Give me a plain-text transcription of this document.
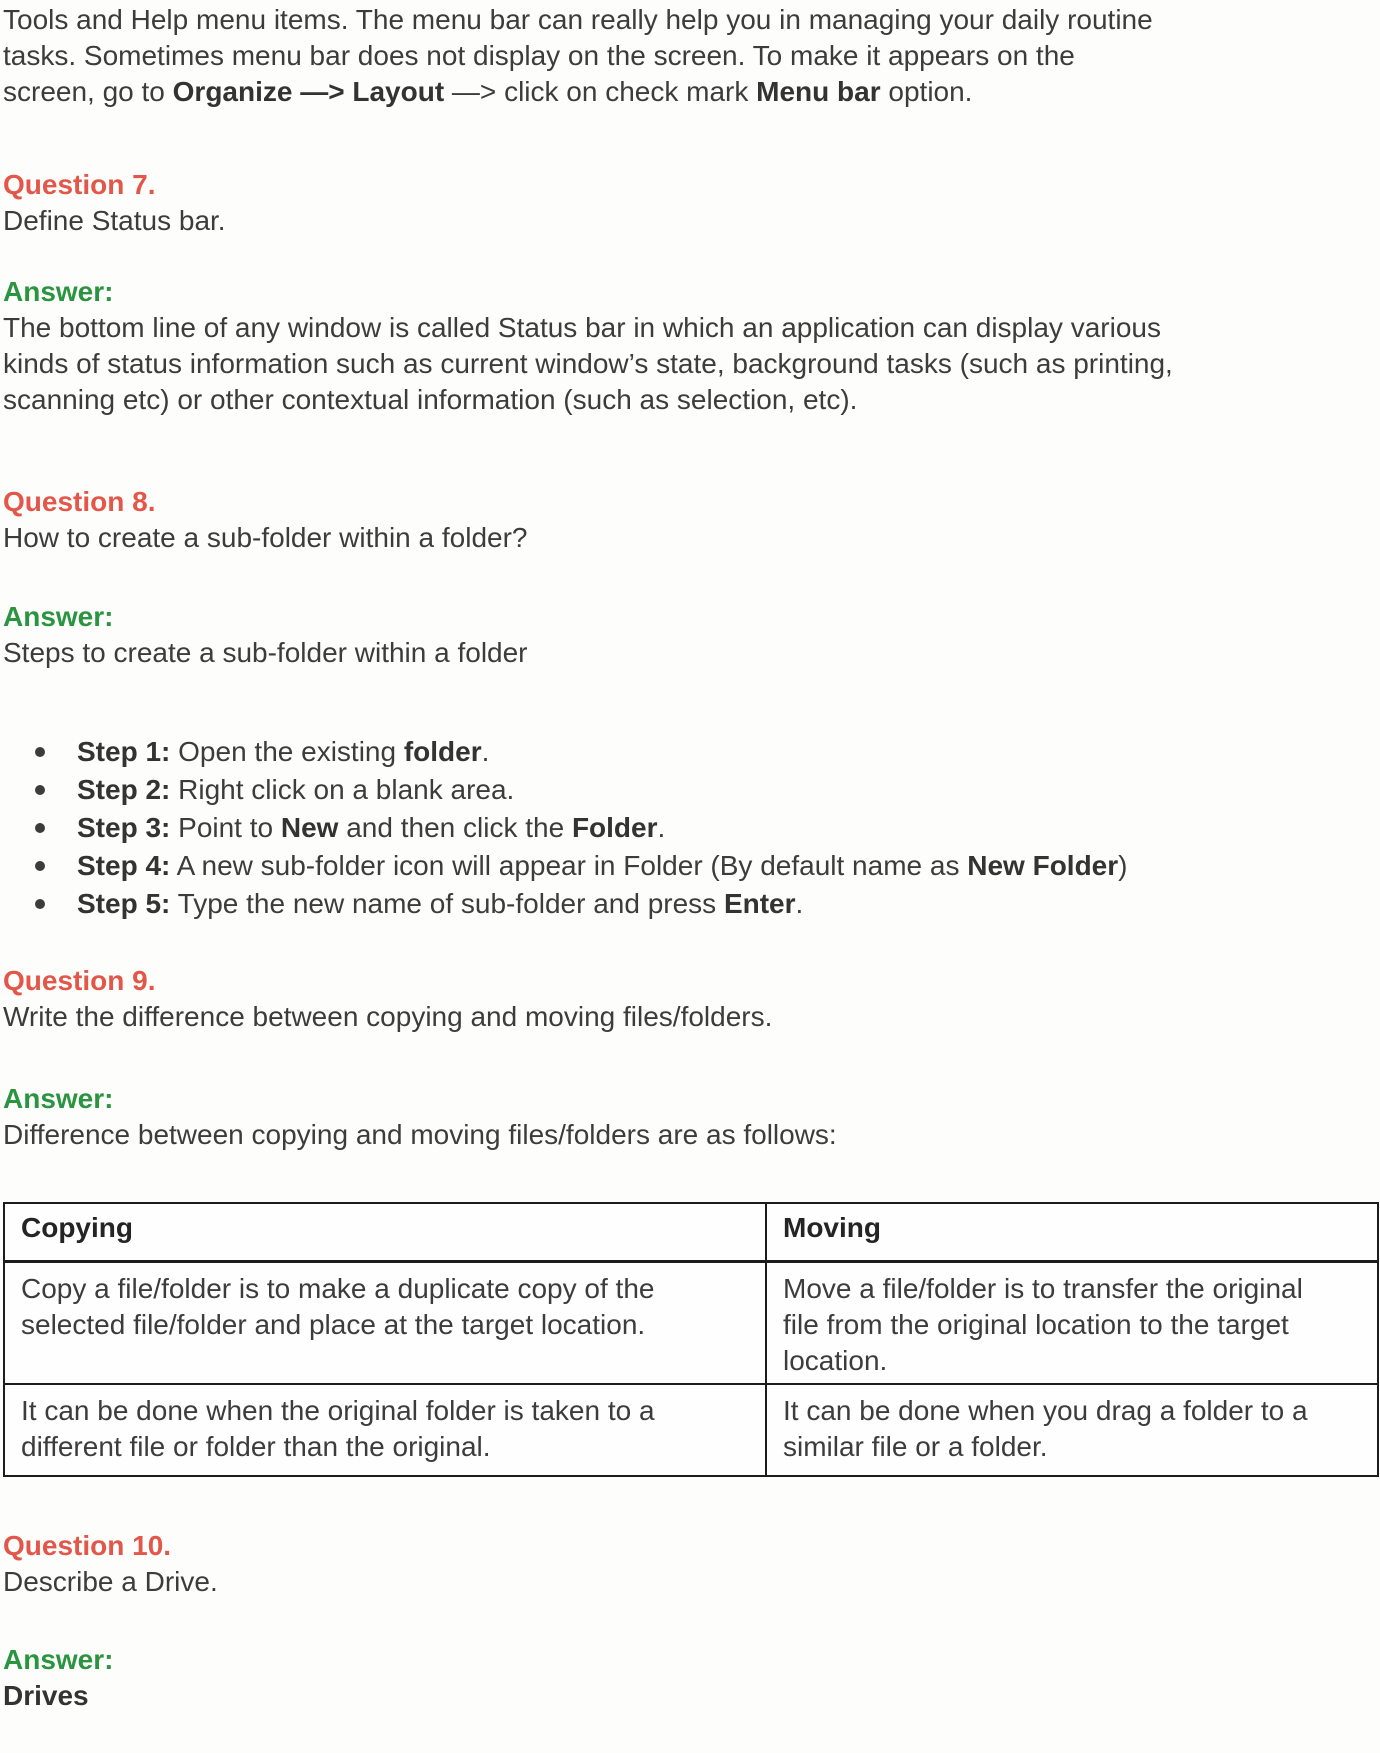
Tools and Help menu items. The menu bar can really help you in managing your daily routine tasks. Sometimes menu bar does not display on the screen. To make it appears on the screen, go to Organize —> Layout —> click on check mark Menu bar option.

Question 7.

Define Status bar.

Answer:

The bottom line of any window is called Status bar in which an application can display various kinds of status information such as current window’s state, background tasks (such as printing, scanning etc) or other contextual information (such as selection, etc).

Question 8.

How to create a sub-folder within a folder?

Answer:

Steps to create a sub-folder within a folder

Step 1: Open the existing folder.
Step 2: Right click on a blank area.
Step 3: Point to New and then click the Folder.
Step 4: A new sub-folder icon will appear in Folder (By default name as New Folder)
Step 5: Type the new name of sub-folder and press Enter.
Question 9.

Write the difference between copying and moving files/folders.

Answer:

Difference between copying and moving files/folders are as follows:

Copying	Moving

Copy a file/folder is to make a duplicate copy of the selected file/folder and place at the target location.	Move a file/folder is to transfer the original file from the original location to the target location.

It can be done when the original folder is taken to a different file or folder than the original.	It can be done when you drag a folder to a similar file or a folder.
Question 10.

Describe a Drive.

Answer:

Drives
